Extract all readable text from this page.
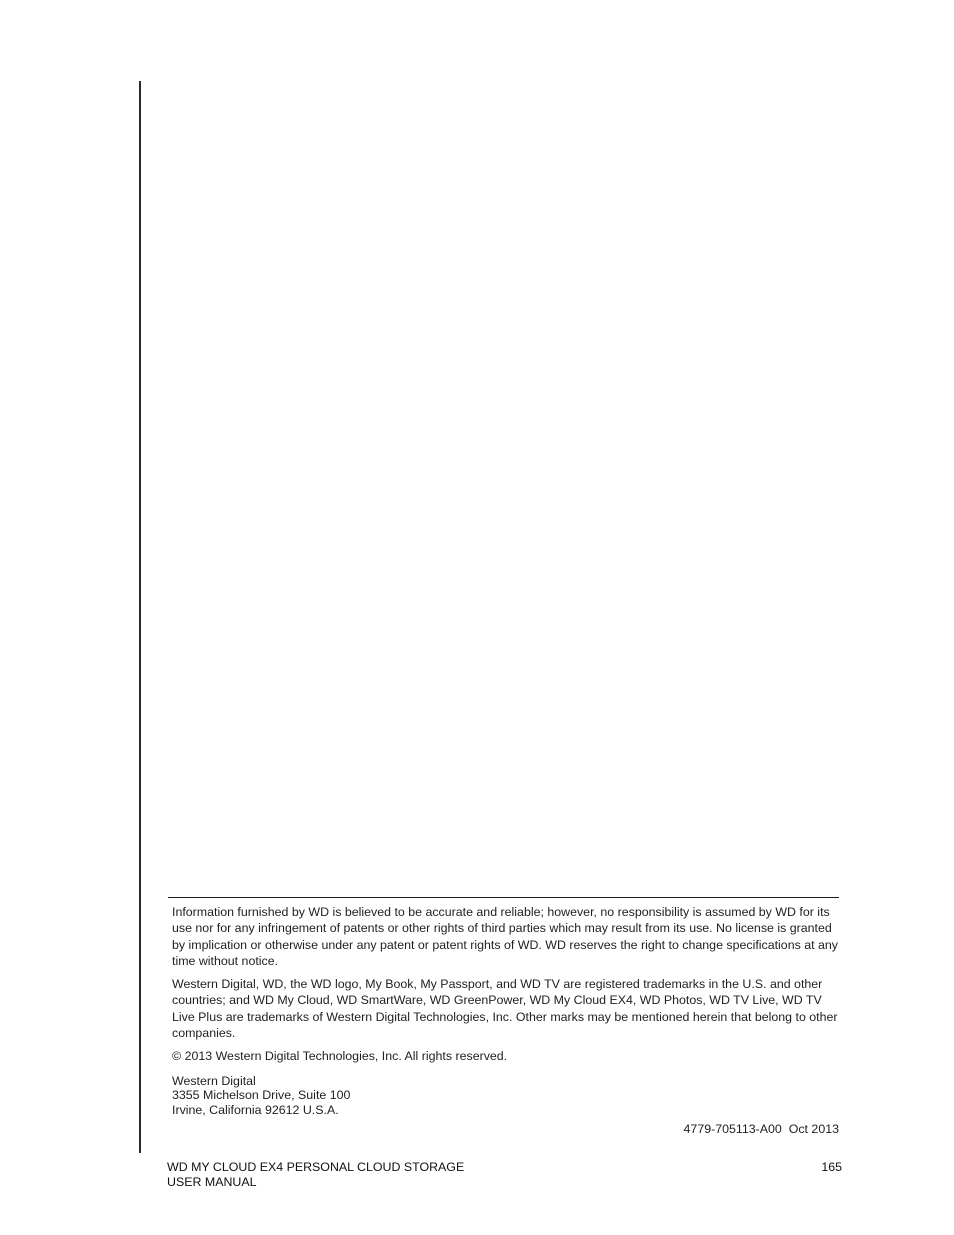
Information furnished by WD is believed to be accurate and reliable; however, no responsibility is assumed by WD for its use nor for any infringement of patents or other rights of third parties which may result from its use. No license is granted by implication or otherwise under any patent or patent rights of WD. WD reserves the right to change specifications at any time without notice.

Western Digital, WD, the WD logo, My Book, My Passport, and WD TV are registered trademarks in the U.S. and other countries; and WD My Cloud, WD SmartWare, WD GreenPower, WD My Cloud EX4, WD Photos, WD TV Live, WD TV Live Plus are trademarks of Western Digital Technologies, Inc. Other marks may be mentioned herein that belong to other companies.

© 2013 Western Digital Technologies, Inc. All rights reserved.

Western Digital
3355 Michelson Drive, Suite 100
Irvine, California 92612 U.S.A.
4779-705113-A00  Oct 2013
WD MY CLOUD EX4 PERSONAL CLOUD STORAGE
USER MANUAL
165
